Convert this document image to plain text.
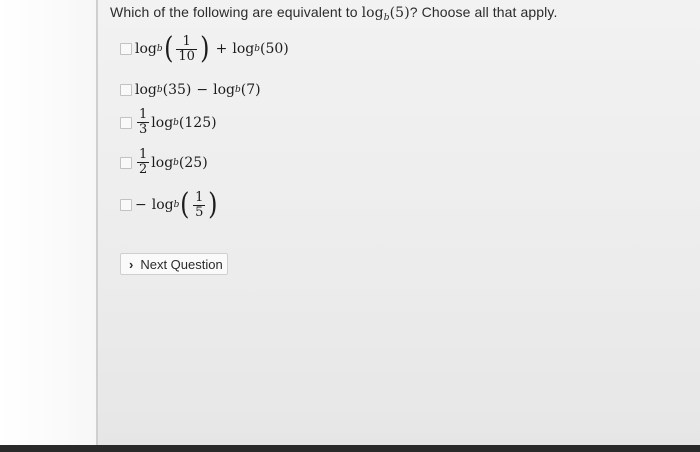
Which of the following are equivalent to $\log_b(5)$? Choose all that apply.
log b ( $\frac{1}{10}$ ) + log b (50)
log b (35) − log b (7)
$\frac{1}{3}$ log b (125)
$\frac{1}{2}$ log b (25)
− log b ( $\frac{1}{5}$ )
› Next Question
